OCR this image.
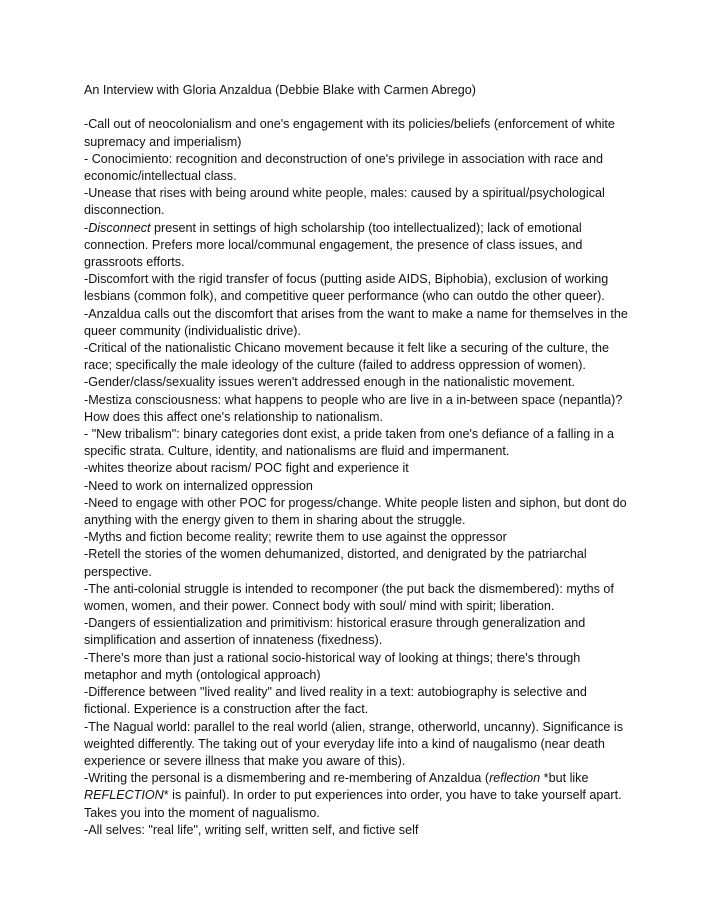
An Interview with Gloria Anzaldua (Debbie Blake with Carmen Abrego)

-Call out of neocolonialism and one's engagement with its policies/beliefs (enforcement of white supremacy and imperialism)

- Conocimiento: recognition and deconstruction of one's privilege in association with race and economic/intellectual class.

-Unease that rises with being around white people, males: caused by a spiritual/psychological disconnection.

-Disconnect present in settings of high scholarship (too intellectualized); lack of emotional connection. Prefers more local/communal engagement, the presence of class issues, and grassroots efforts.

-Discomfort with the rigid transfer of focus (putting aside AIDS, Biphobia), exclusion of working lesbians (common folk), and competitive queer performance (who can outdo the other queer).

-Anzaldua calls out the discomfort that arises from the want to make a name for themselves in the queer community (individualistic drive).

-Critical of the nationalistic Chicano movement because it felt like a securing of the culture, the race; specifically the male ideology of the culture (failed to address oppression of women).

-Gender/class/sexuality issues weren't addressed enough in the nationalistic movement.

-Mestiza consciousness: what happens to people who are live in a in-between space (nepantla)? How does this affect one's relationship to nationalism.

- "New tribalism": binary categories dont exist, a pride taken from one's defiance of a falling in a specific strata. Culture, identity, and nationalisms are fluid and impermanent.

-whites theorize about racism/ POC fight and experience it

-Need to work on internalized oppression

-Need to engage with other POC for progess/change. White people listen and siphon, but dont do anything with the energy given to them in sharing about the struggle.

-Myths and fiction become reality; rewrite them to use against the oppressor

-Retell the stories of the women dehumanized, distorted, and denigrated by the patriarchal perspective.

-The anti-colonial struggle is intended to recomponer (the put back the dismembered): myths of women, women, and their power. Connect body with soul/ mind with spirit; liberation.

-Dangers of essientialization and primitivism: historical erasure through generalization and simplification and assertion of innateness (fixedness).

-There's more than just a rational socio-historical way of looking at things; there's through metaphor and myth (ontological approach)

-Difference between "lived reality" and lived reality in a text: autobiography is selective and fictional. Experience is a construction after the fact.

-The Nagual world: parallel to the real world (alien, strange, otherworld, uncanny). Significance is weighted differently. The taking out of your everyday life into a kind of naugalismo (near death experience or severe illness that make you aware of this).

-Writing the personal is a dismembering and re-membering of Anzaldua (reflection *but like REFLECTION* is painful). In order to put experiences into order, you have to take yourself apart. Takes you into the moment of nagualismo.

-All selves: "real life", writing self, written self, and fictive self
